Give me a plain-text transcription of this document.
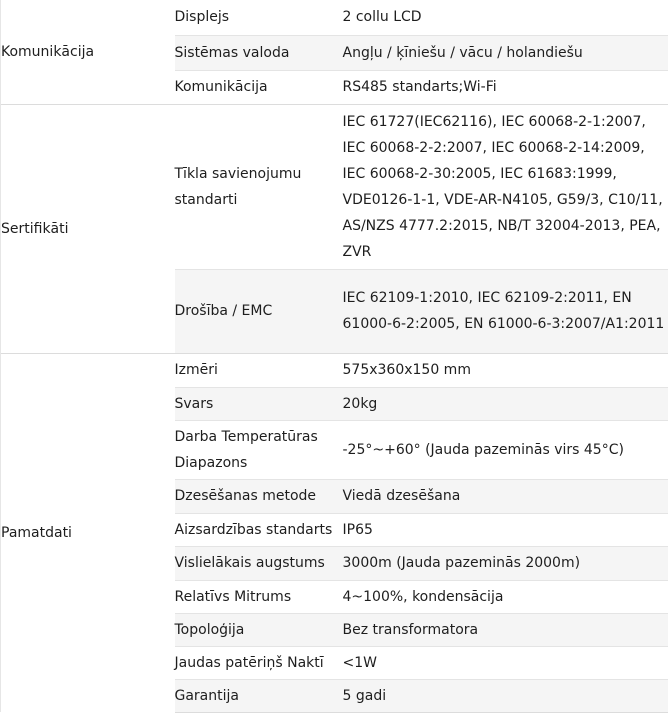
Komunikācija	Displejs	2 collu LCD
	Sistēmas valoda	Angļu / ķīniešu / vācu / holandiešu
	Komunikācija	RS485 standarts;Wi-Fi
Sertifikāti	Tīkla savienojumu standarti	IEC 61727(IEC62116), IEC 60068-2-1:2007, IEC 60068-2-2:2007, IEC 60068-2-14:2009, IEC 60068-2-30:2005, IEC 61683:1999, VDE0126-1-1, VDE-AR-N4105, G59/3, C10/11, AS/NZS 4777.2:2015, NB/T 32004-2013, PEA, ZVR
	Drošība / EMC	IEC 62109-1:2010, IEC 62109-2:2011, EN 61000-6-2:2005, EN 61000-6-3:2007/A1:2011
Pamatdati	Izmēri	575x360x150 mm
	Svars	20kg
	Darba Temperatūras Diapazons	-25°~+60° (Jauda pazeminās virs 45°C)
	Dzesēšanas metode	Viedā dzesēšana
	Aizsardzības standarts	IP65
	Vislielākais augstums	3000m (Jauda pazeminās 2000m)
	Relatīvs Mitrums	4~100%, kondensācija
	Topoloģija	Bez transformatora
	Jaudas patēriņš Naktī	<1W
	Garantija	5 gadi
